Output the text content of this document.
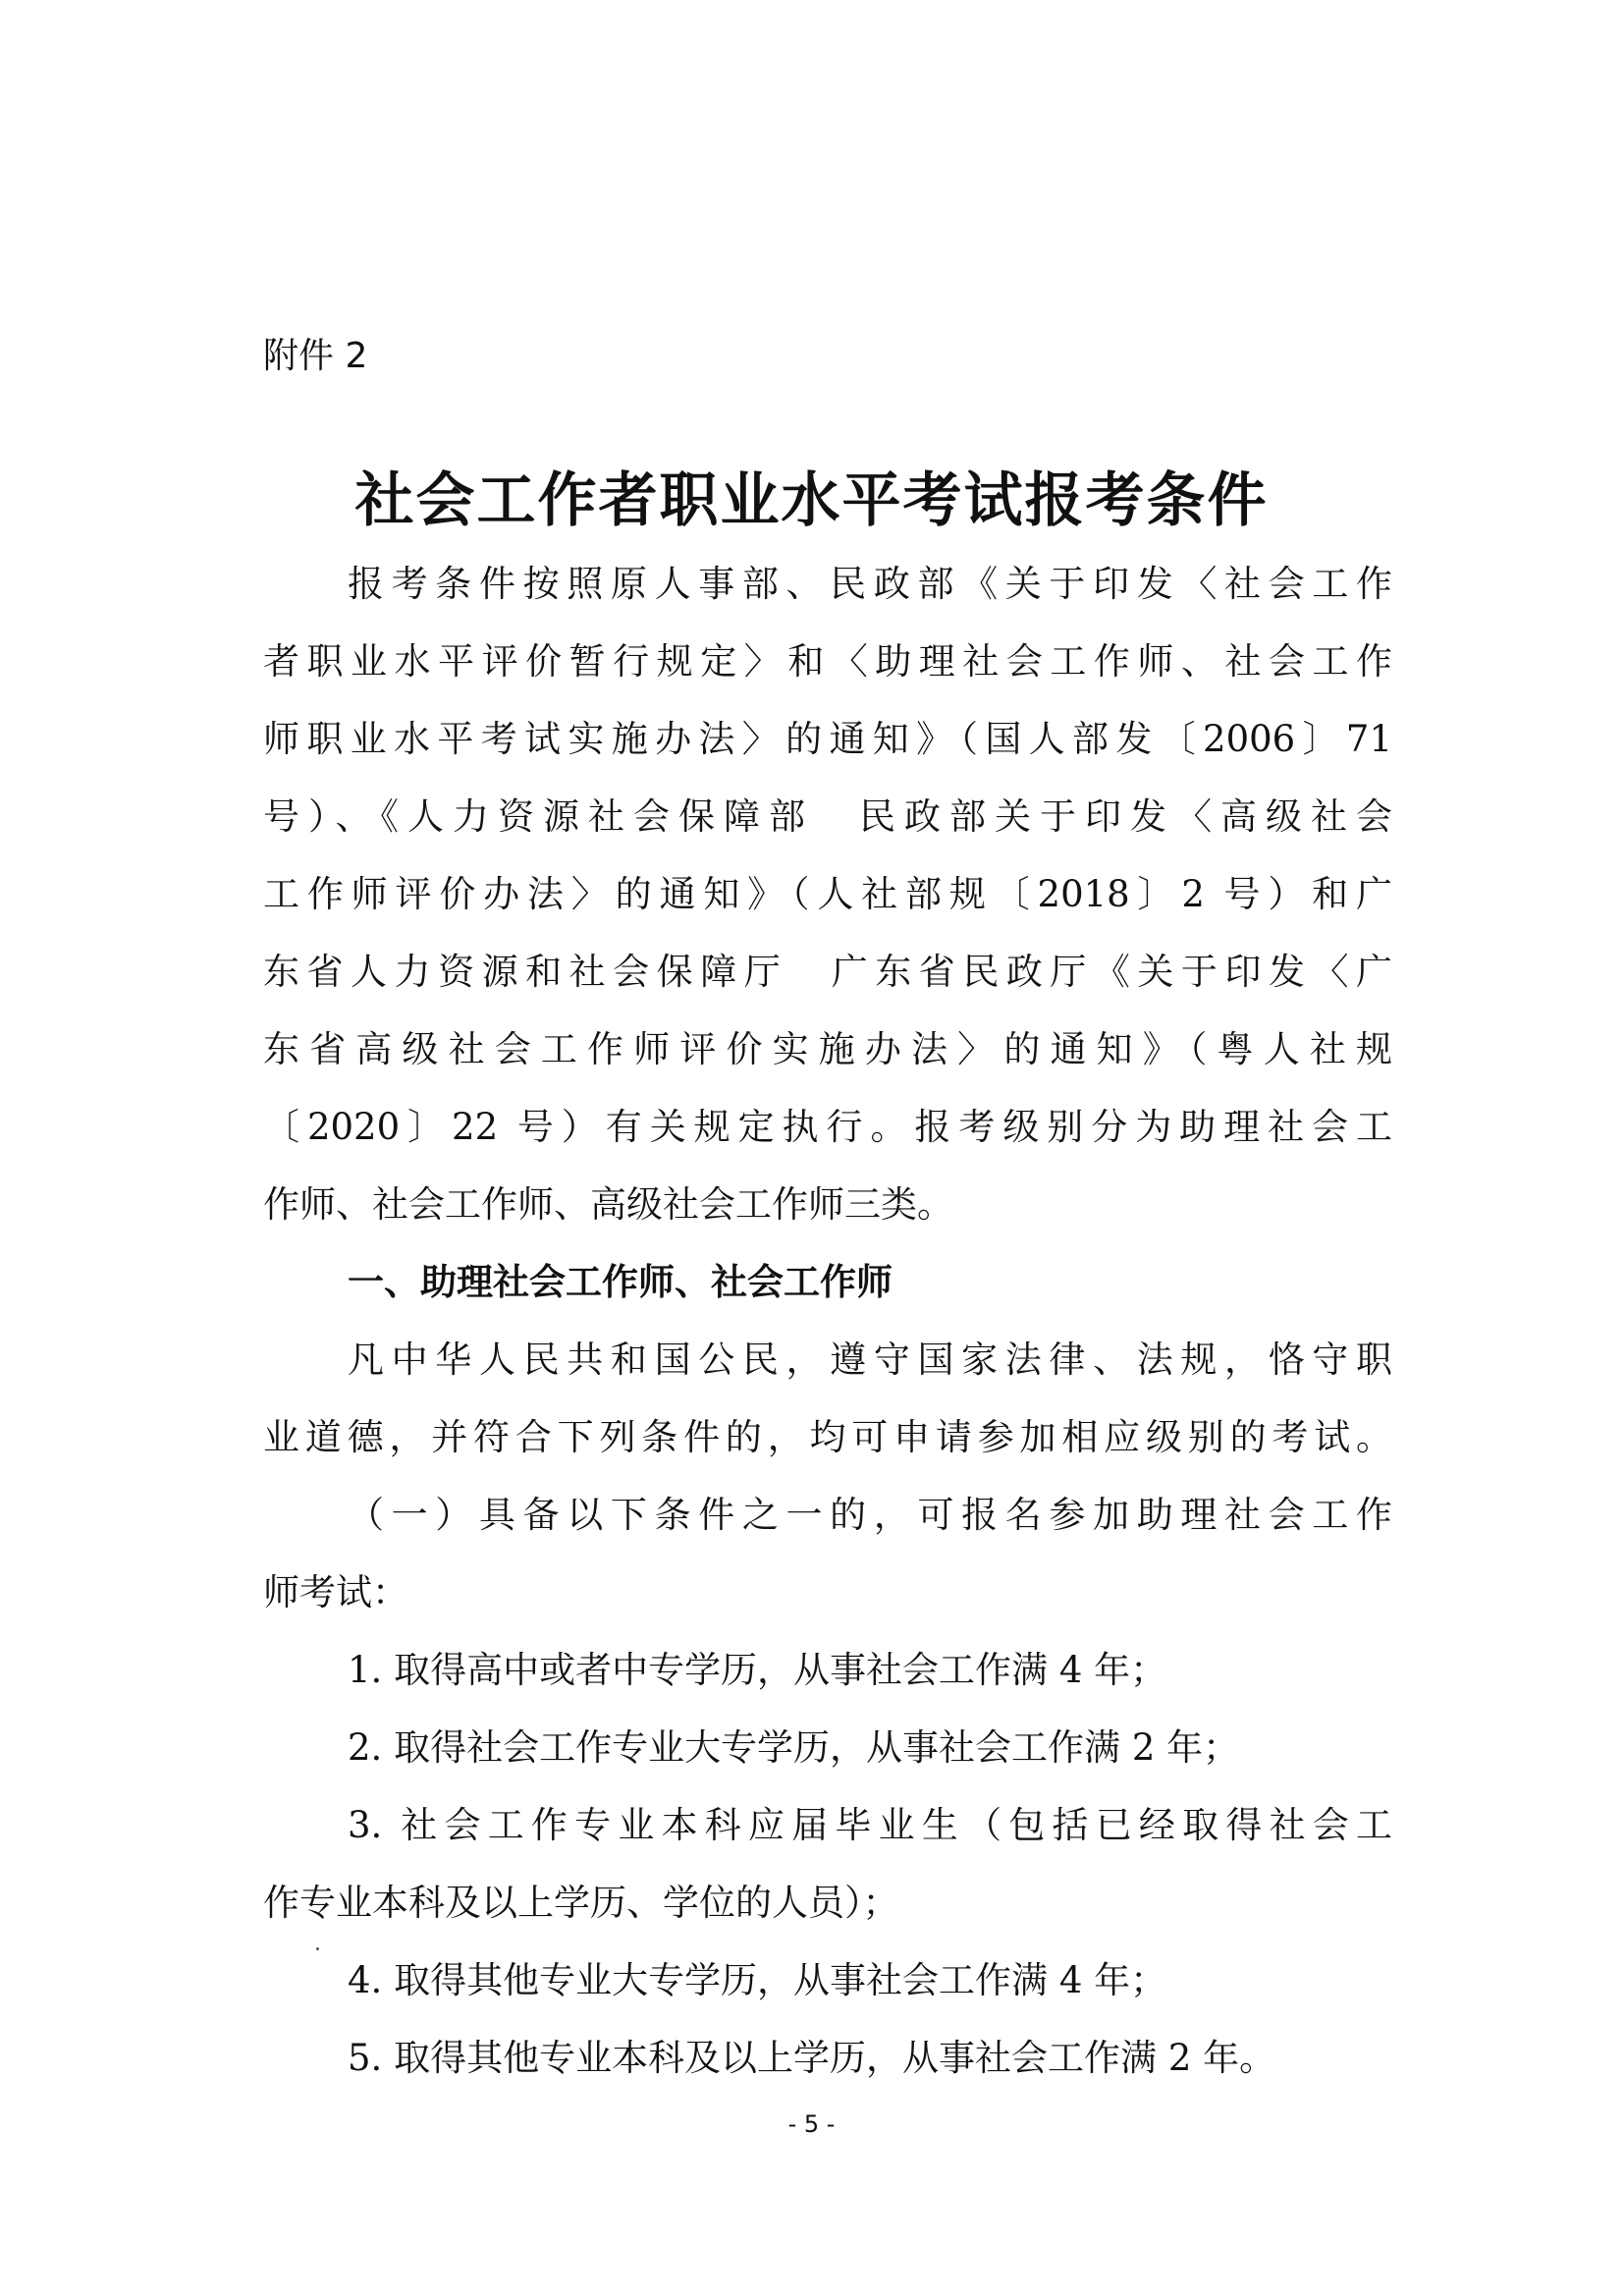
附件 2
社会工作者职业水平考试报考条件
报考条件按照原人事部、民政部《关于印发〈社会工作
者职业水平评价暂行规定〉和〈助理社会工作师、社会工作
师职业水平考试实施办法〉的通知》（国人部发〔2006〕71
号）、《人力资源社会保障部　民政部关于印发〈高级社会
工作师评价办法〉的通知》（人社部规〔2018〕2 号）和广
东省人力资源和社会保障厅　广东省民政厅《关于印发〈广
东省高级社会工作师评价实施办法〉的通知》（粤人社规
〔2020〕22 号）有关规定执行。报考级别分为助理社会工
作师、社会工作师、高级社会工作师三类。
一、助理社会工作师、社会工作师
凡中华人民共和国公民，遵守国家法律、法规，恪守职
业道德，并符合下列条件的，均可申请参加相应级别的考试。
（一）具备以下条件之一的，可报名参加助理社会工作
师考试：
1. 取得高中或者中专学历，从事社会工作满 4 年；
2. 取得社会工作专业大专学历，从事社会工作满 2 年；
3. 社会工作专业本科应届毕业生（包括已经取得社会工
作专业本科及以上学历、学位的人员）；
4. 取得其他专业大专学历，从事社会工作满 4 年；
5. 取得其他专业本科及以上学历，从事社会工作满 2 年。
- 5 -
